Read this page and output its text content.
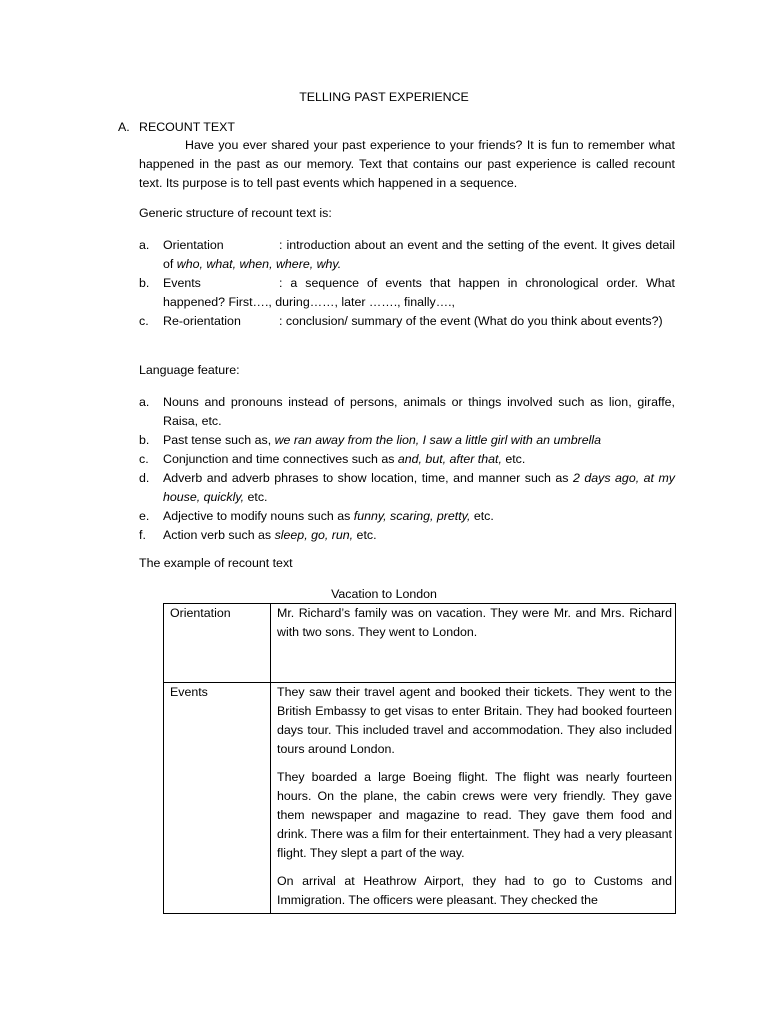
TELLING PAST EXPERIENCE
A. RECOUNT TEXT

Have you ever shared your past experience to your friends? It is fun to remember what happened in the past as our memory. Text that contains our past experience is called recount text. Its purpose is to tell past events which happened in a sequence.

Generic structure of recount text is:

a. Orientation	: introduction about an event and the setting of the event. It gives detail of who, what, when, where, why.
b. Events	: a sequence of events that happen in chronological order. What happened? First…., during……, later ……., finally….,
c. Re-orientation	: conclusion/ summary of the event (What do you think about events?)

Language feature:

a. Nouns and pronouns instead of persons, animals or things involved such as lion, giraffe, Raisa, etc.
b. Past tense such as, we ran away from the lion, I saw a little girl with an umbrella
c. Conjunction and time connectives such as and, but, after that, etc.
d. Adverb and adverb phrases to show location, time, and manner such as 2 days ago, at my house, quickly, etc.
e. Adjective to modify nouns such as funny, scaring, pretty, etc.
f. Action verb such as sleep, go, run, etc.

The example of recount text

Vacation to London
Orientation	Mr. Richard’s family was on vacation. They were Mr. and Mrs. Richard with two sons. They went to London.

Events	They saw their travel agent and booked their tickets. They went to the British Embassy to get visas to enter Britain. They had booked fourteen days tour. This included travel and accommodation. They also included tours around London.

They boarded a large Boeing flight. The flight was nearly fourteen hours. On the plane, the cabin crews were very friendly. They gave them newspaper and magazine to read. They gave them food and drink. There was a film for their entertainment. They had a very pleasant flight. They slept a part of the way.

On arrival at Heathrow Airport, they had to go to Customs and Immigration. The officers were pleasant. They checked the
